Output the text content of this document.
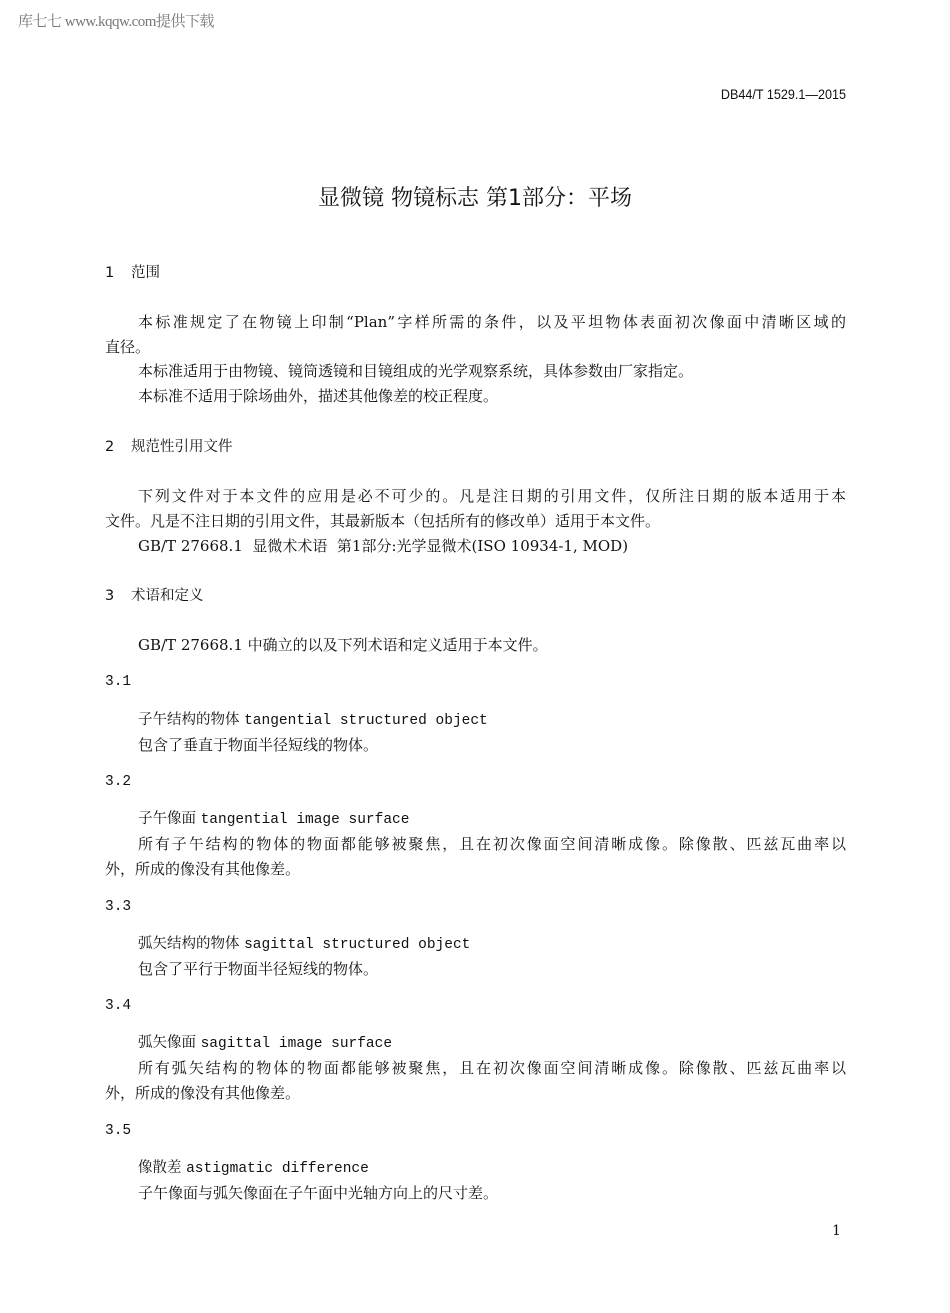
库七七 www.kqqw.com提供下载
DB44/T 1529.1—2015
显微镜 物镜标志 第1部分：平场
1 范围
本标准规定了在物镜上印制“Plan”字样所需的条件，以及平坦物体表面初次像面中清晰区域的
直径。
本标准适用于由物镜、镜筒透镜和目镜组成的光学观察系统，具体参数由厂家指定。
本标准不适用于除场曲外，描述其他像差的校正程度。
2 规范性引用文件
下列文件对于本文件的应用是必不可少的。凡是注日期的引用文件，仅所注日期的版本适用于本
文件。凡是不注日期的引用文件，其最新版本（包括所有的修改单）适用于本文件。
GB/T 27668.1  显微术术语  第1部分:光学显微术(ISO 10934-1, MOD)
3 术语和定义
GB/T 27668.1 中确立的以及下列术语和定义适用于本文件。
3.1
子午结构的物体 tangential structured object
包含了垂直于物面半径短线的物体。
3.2
子午像面 tangential image surface
所有子午结构的物体的物面都能够被聚焦，且在初次像面空间清晰成像。除像散、匹兹瓦曲率以
外，所成的像没有其他像差。
3.3
弧矢结构的物体 sagittal structured object
包含了平行于物面半径短线的物体。
3.4
弧矢像面 sagittal image surface
所有弧矢结构的物体的物面都能够被聚焦，且在初次像面空间清晰成像。除像散、匹兹瓦曲率以
外，所成的像没有其他像差。
3.5
像散差 astigmatic difference
子午像面与弧矢像面在子午面中光轴方向上的尺寸差。
1
